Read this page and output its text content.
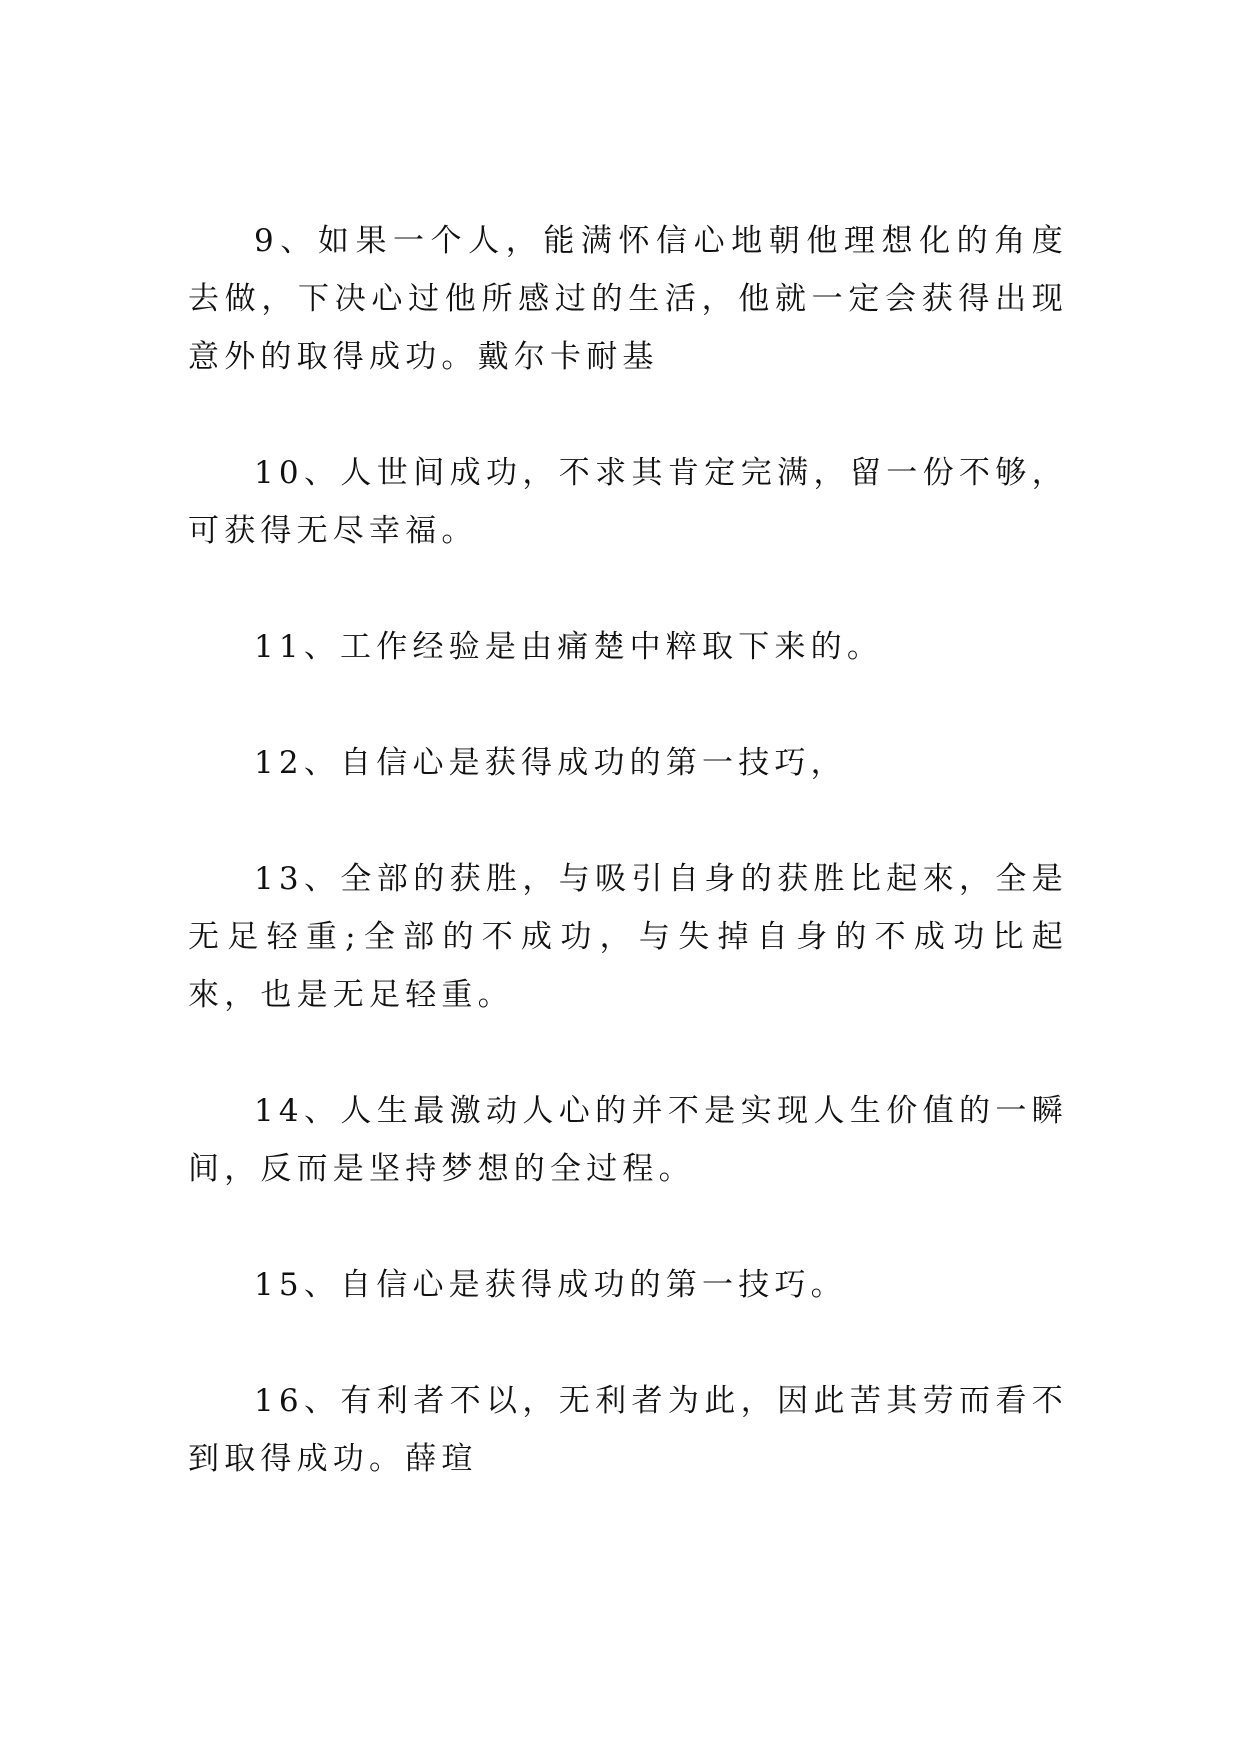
9、如果一个人，能满怀信心地朝他理想化的角度去做，下决心过他所感过的生活，他就一定会获得出现意外的取得成功。戴尔卡耐基

10、人世间成功，不求其肯定完满，留一份不够，可获得无尽幸福。

11、工作经验是由痛楚中粹取下来的。

12、自信心是获得成功的第一技巧，

13、全部的获胜，与吸引自身的获胜比起來，全是无足轻重;全部的不成功，与失掉自身的不成功比起來，也是无足轻重。

14、人生最激动人心的并不是实现人生价值的一瞬间，反而是坚持梦想的全过程。

15、自信心是获得成功的第一技巧。

16、有利者不以，无利者为此，因此苦其劳而看不到取得成功。薛瑄
